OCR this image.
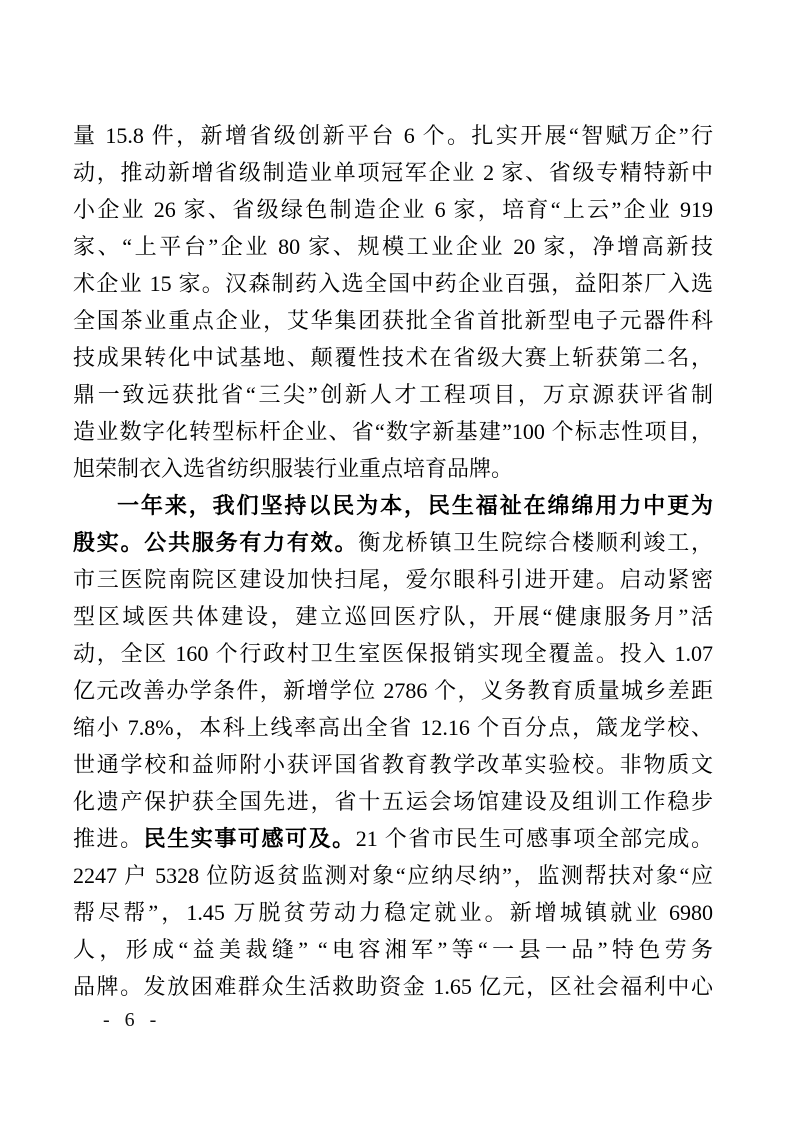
量 15.8 件，新增省级创新平台 6 个。扎实开展“智赋万企”行
动，推动新增省级制造业单项冠军企业 2 家、省级专精特新中
小企业 26 家、省级绿色制造企业 6 家，培育“上云”企业 919
家、“上平台”企业 80 家、规模工业企业 20 家，净增高新技
术企业 15 家。汉森制药入选全国中药企业百强，益阳茶厂入选
全国茶业重点企业，艾华集团获批全省首批新型电子元器件科
技成果转化中试基地、颠覆性技术在省级大赛上斩获第二名，
鼎一致远获批省“三尖”创新人才工程项目，万京源获评省制
造业数字化转型标杆企业、省“数字新基建”100 个标志性项目，
旭荣制衣入选省纺织服装行业重点培育品牌。
一年来，我们坚持以民为本，民生福祉在绵绵用力中更为
殷实。公共服务有力有效。衡龙桥镇卫生院综合楼顺利竣工，
市三医院南院区建设加快扫尾，爱尔眼科引进开建。启动紧密
型区域医共体建设，建立巡回医疗队，开展“健康服务月”活
动，全区 160 个行政村卫生室医保报销实现全覆盖。投入 1.07
亿元改善办学条件，新增学位 2786 个，义务教育质量城乡差距
缩小 7.8%，本科上线率高出全省 12.16 个百分点，箴龙学校、
世通学校和益师附小获评国省教育教学改革实验校。非物质文
化遗产保护获全国先进，省十五运会场馆建设及组训工作稳步
推进。民生实事可感可及。21 个省市民生可感事项全部完成。
2247 户 5328 位防返贫监测对象“应纳尽纳”，监测帮扶对象“应
帮尽帮”，1.45 万脱贫劳动力稳定就业。新增城镇就业 6980
人，形成“益美裁缝” “电容湘军”等“一县一品”特色劳务
品牌。发放困难群众生活救助资金 1.65 亿元，区社会福利中心
- 6 -
